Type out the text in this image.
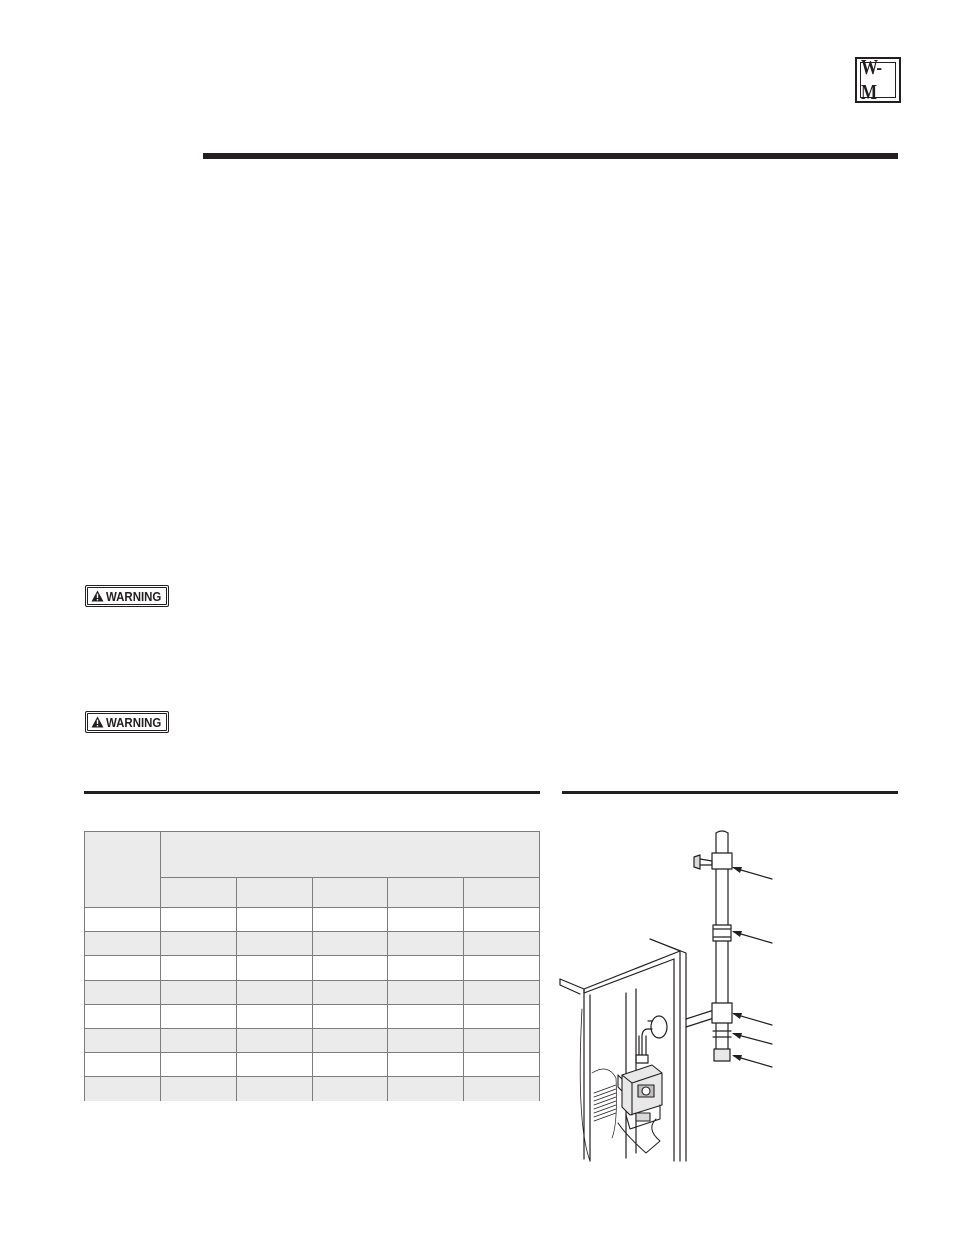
W-M
WARNING
WARNING
